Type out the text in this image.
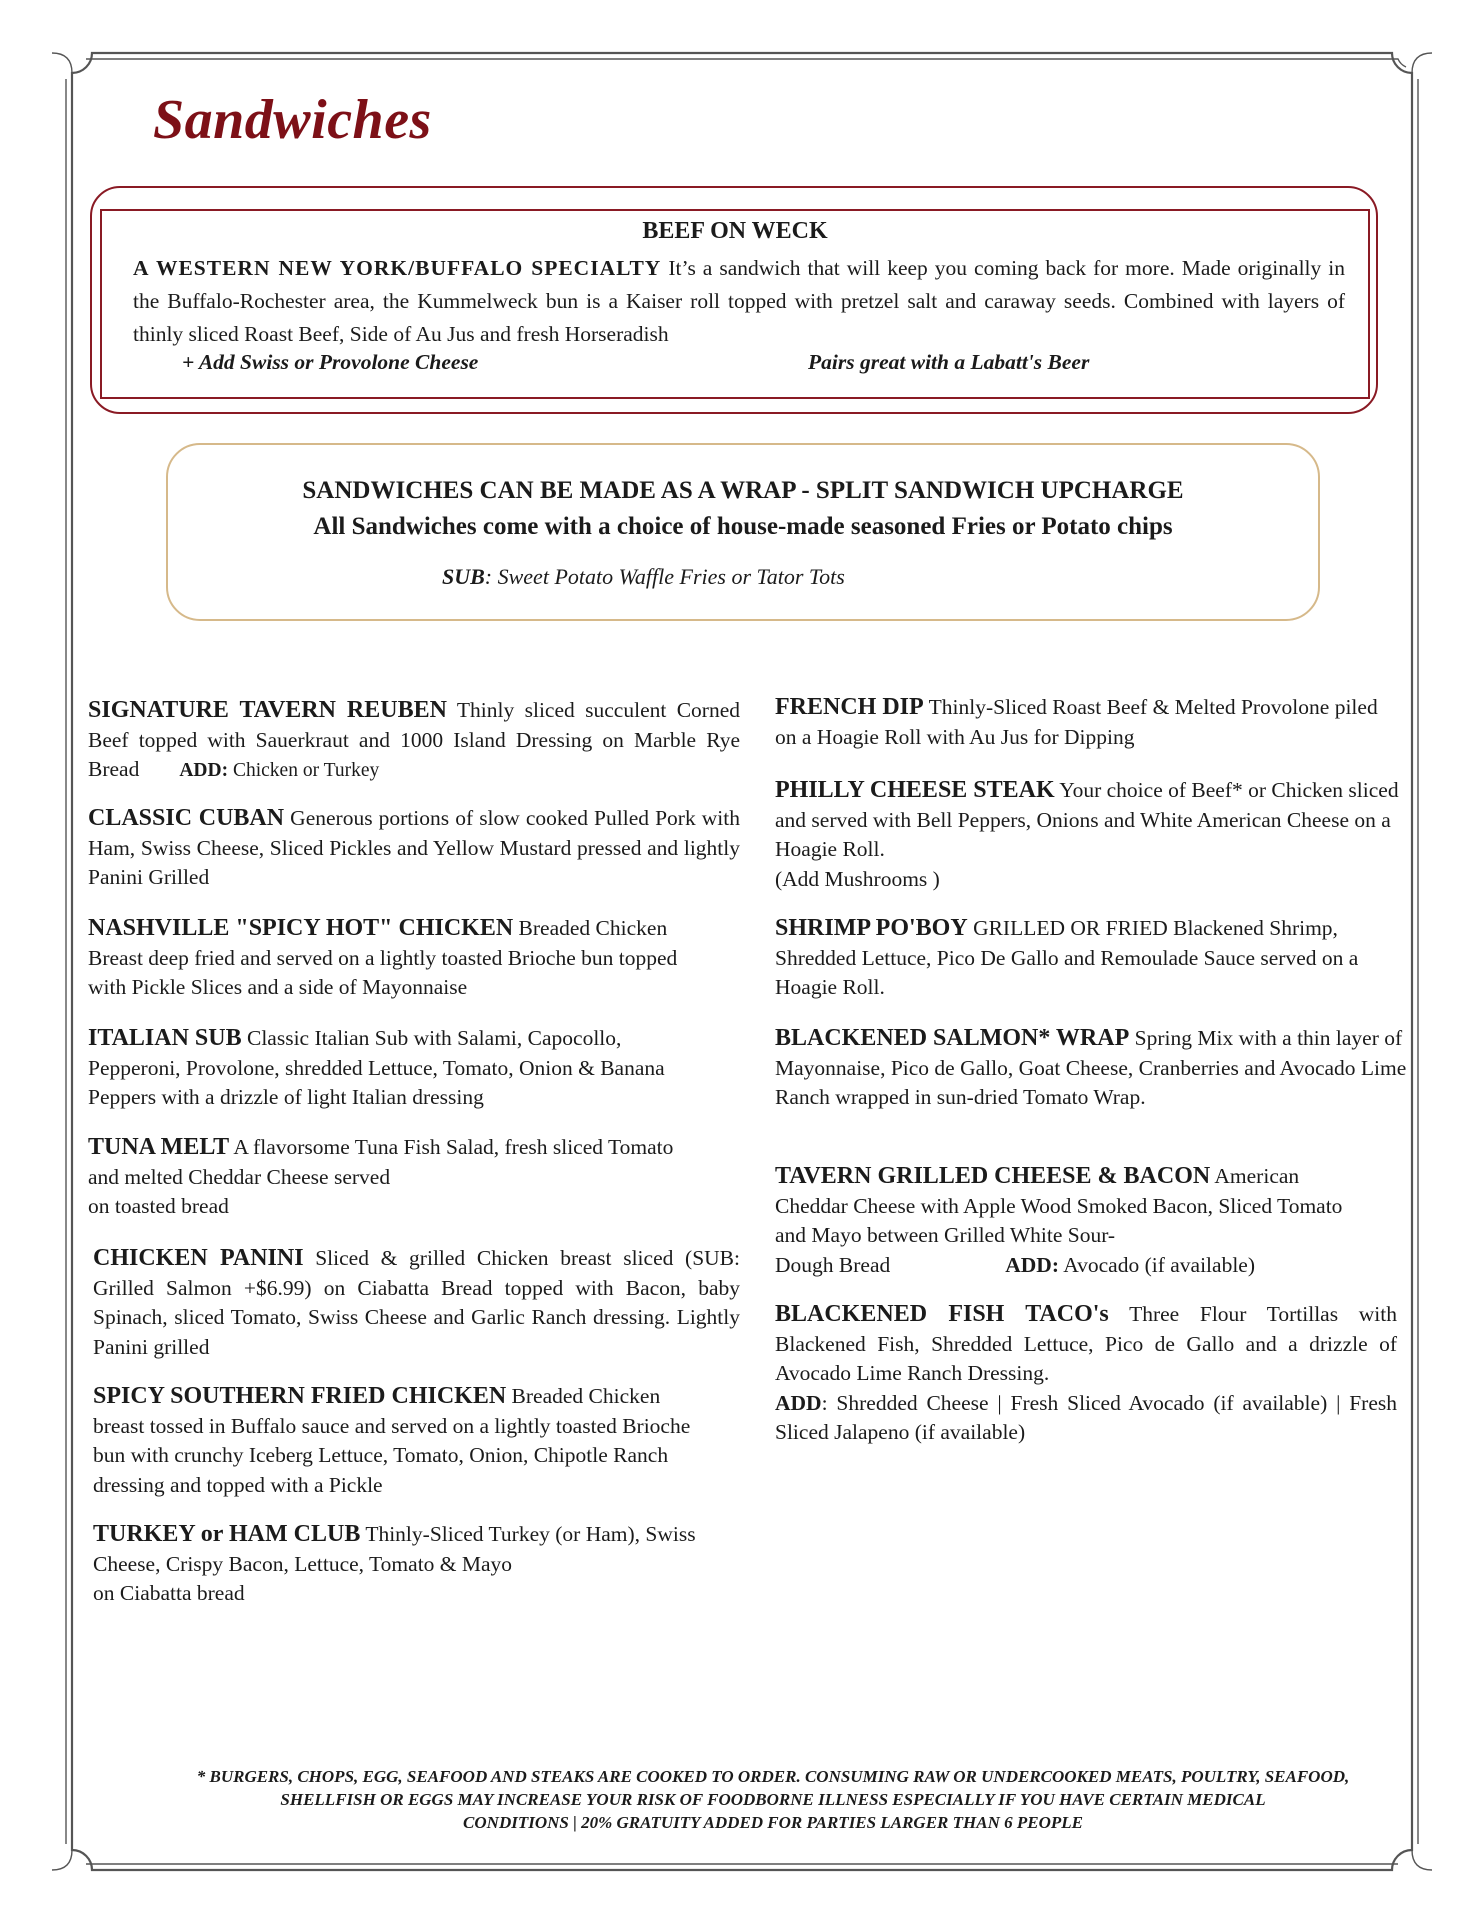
Sandwiches

BEEF ON WECK

A WESTERN NEW YORK/BUFFALO SPECIALTY It’s a sandwich that will keep you coming back for more. Made originally in the Buffalo-Rochester area, the Kummelweck bun is a Kaiser roll topped with pretzel salt and caraway seeds. Combined with layers of thinly sliced Roast Beef, Side of Au Jus and fresh Horseradish

+ Add Swiss or Provolone Cheese	Pairs great with a Labatt's Beer

SANDWICHES CAN BE MADE AS A WRAP - SPLIT SANDWICH UPCHARGE

All Sandwiches come with a choice of house-made seasoned Fries or Potato chips

SUB: Sweet Potato Waffle Fries or Tator Tots

SIGNATURE TAVERN REUBEN Thinly sliced succulent Corned Beef topped with Sauerkraut and 1000 Island Dressing on Marble Rye Bread ADD: Chicken or Turkey

CLASSIC CUBAN Generous portions of slow cooked Pulled Pork with Ham, Swiss Cheese, Sliced Pickles and Yellow Mustard pressed and lightly Panini Grilled

NASHVILLE "SPICY HOT" CHICKEN Breaded Chicken Breast deep fried and served on a lightly toasted Brioche bun topped with Pickle Slices and a side of Mayonnaise

ITALIAN SUB Classic Italian Sub with Salami, Capocollo, Pepperoni, Provolone, shredded Lettuce, Tomato, Onion & Banana Peppers with a drizzle of light Italian dressing

TUNA MELT A flavorsome Tuna Fish Salad, fresh sliced Tomato and melted Cheddar Cheese served
on toasted bread

CHICKEN PANINI Sliced & grilled Chicken breast sliced (SUB: Grilled Salmon +$6.99) on Ciabatta Bread topped with Bacon, baby Spinach, sliced Tomato, Swiss Cheese and Garlic Ranch dressing. Lightly Panini grilled

SPICY SOUTHERN FRIED CHICKEN Breaded Chicken breast tossed in Buffalo sauce and served on a lightly toasted Brioche bun with crunchy Iceberg Lettuce, Tomato, Onion, Chipotle Ranch dressing and topped with a Pickle

TURKEY or HAM CLUB Thinly-Sliced Turkey (or Ham), Swiss Cheese, Crispy Bacon, Lettuce, Tomato & Mayo
on Ciabatta bread

FRENCH DIP Thinly-Sliced Roast Beef & Melted Provolone piled on a Hoagie Roll with Au Jus for Dipping

PHILLY CHEESE STEAK Your choice of Beef* or Chicken sliced and served with Bell Peppers, Onions and White American Cheese on a Hoagie Roll.
(Add Mushrooms )

SHRIMP PO'BOY GRILLED OR FRIED Blackened Shrimp, Shredded Lettuce, Pico De Gallo and Remoulade Sauce served on a Hoagie Roll.

BLACKENED SALMON* WRAP Spring Mix with a thin layer of Mayonnaise, Pico de Gallo, Goat Cheese, Cranberries and Avocado Lime Ranch wrapped in sun-dried Tomato Wrap.

TAVERN GRILLED CHEESE & BACON American Cheddar Cheese with Apple Wood Smoked Bacon, Sliced Tomato and Mayo between Grilled White Sour-
Dough Bread	ADD: Avocado (if available)

BLACKENED FISH TACO's Three Flour Tortillas with Blackened Fish, Shredded Lettuce, Pico de Gallo and a drizzle of Avocado Lime Ranch Dressing.
ADD: Shredded Cheese | Fresh Sliced Avocado (if available) | Fresh Sliced Jalapeno (if available)

* BURGERS, CHOPS, EGG, SEAFOOD AND STEAKS ARE COOKED TO ORDER. CONSUMING RAW OR UNDERCOOKED MEATS, POULTRY, SEAFOOD,
SHELLFISH OR EGGS MAY INCREASE YOUR RISK OF FOODBORNE ILLNESS ESPECIALLY IF YOU HAVE CERTAIN MEDICAL
CONDITIONS | 20% GRATUITY ADDED FOR PARTIES LARGER THAN 6 PEOPLE
